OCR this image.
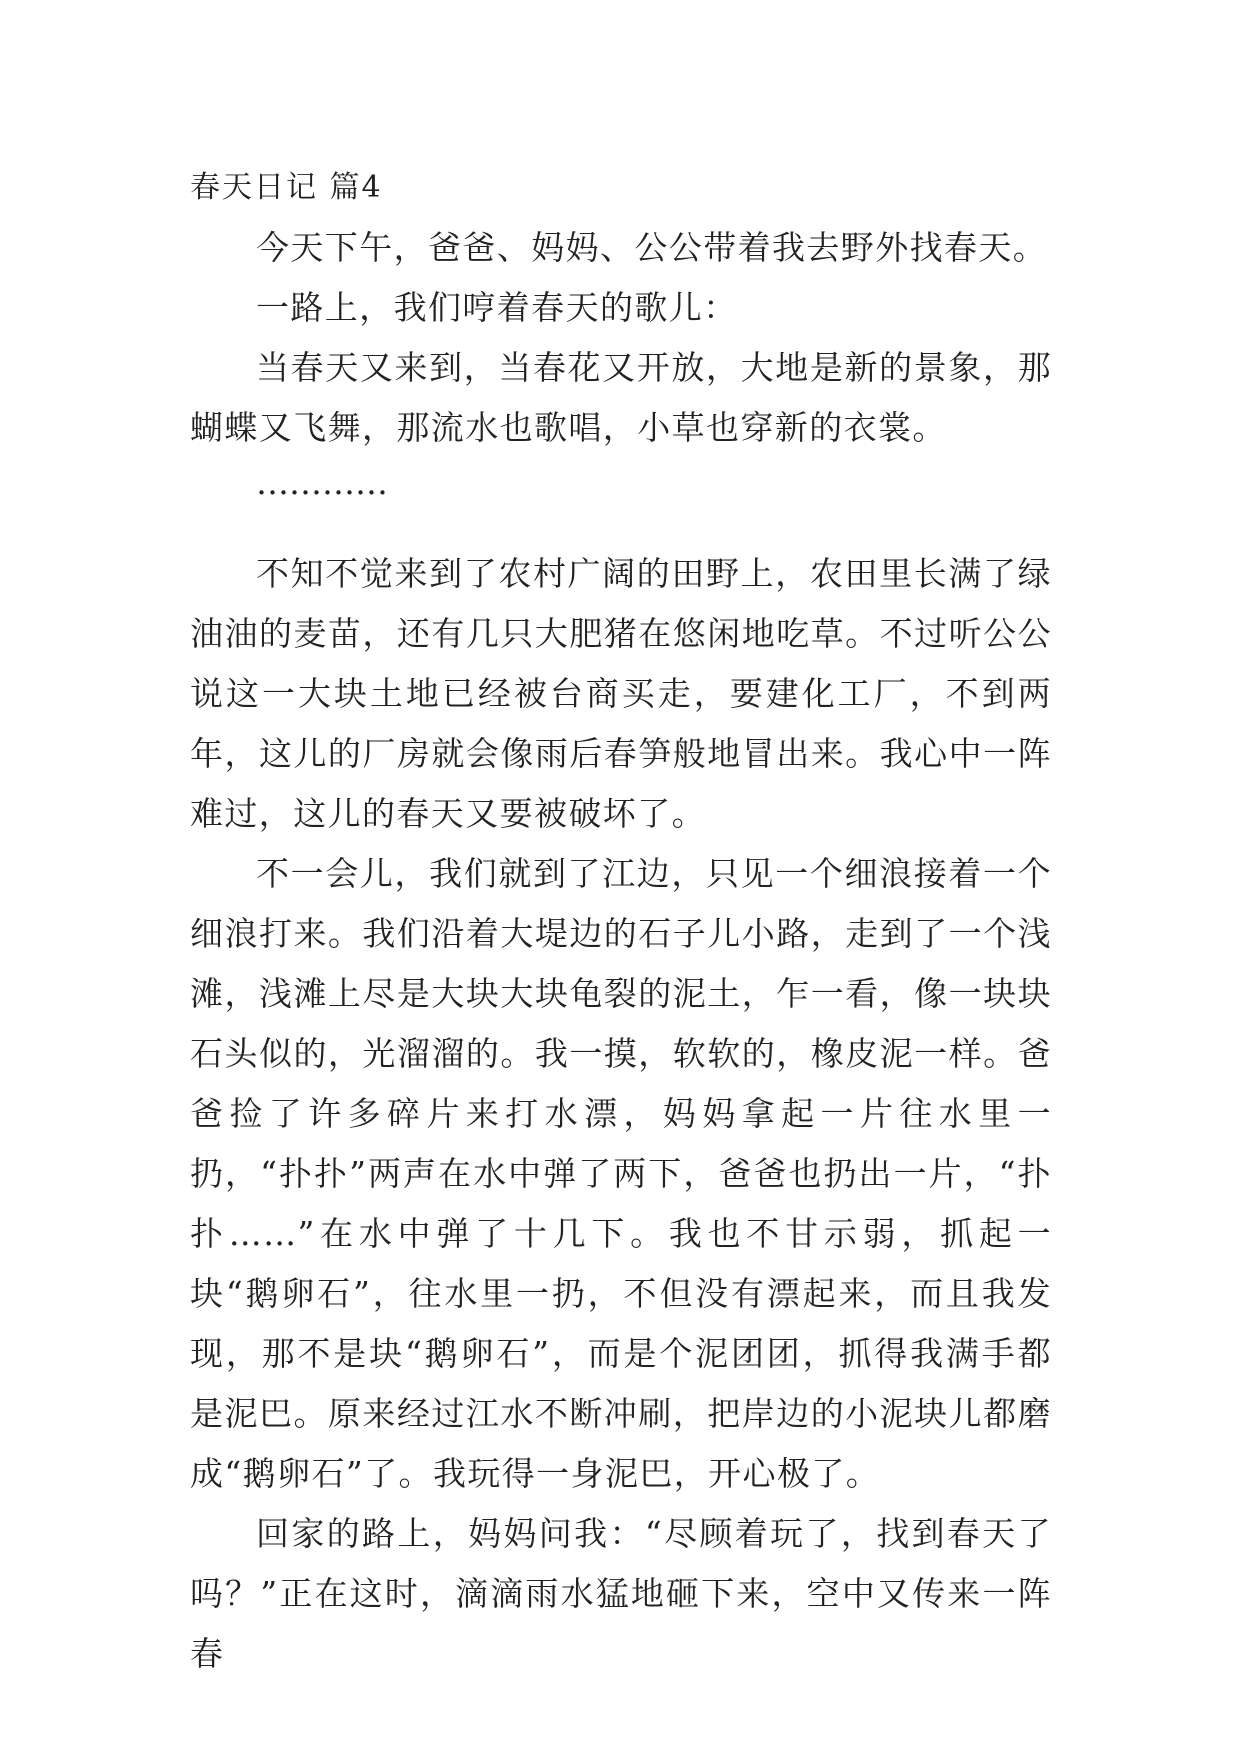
春天日记 篇4

今天下午，爸爸、妈妈、公公带着我去野外找春天。

一路上，我们哼着春天的歌儿：

当春天又来到，当春花又开放，大地是新的景象，那蝴蝶又飞舞，那流水也歌唱，小草也穿新的衣裳。

…………

不知不觉来到了农村广阔的田野上，农田里长满了绿油油的麦苗，还有几只大肥猪在悠闲地吃草。不过听公公说这一大块土地已经被台商买走，要建化工厂，不到两年，这儿的厂房就会像雨后春笋般地冒出来。我心中一阵难过，这儿的春天又要被破坏了。

不一会儿，我们就到了江边，只见一个细浪接着一个细浪打来。我们沿着大堤边的石子儿小路，走到了一个浅滩，浅滩上尽是大块大块龟裂的泥土，乍一看，像一块块石头似的，光溜溜的。我一摸，软软的，橡皮泥一样。爸爸捡了许多碎片来打水漂，妈妈拿起一片往水里一扔，“扑扑”两声在水中弹了两下，爸爸也扔出一片，“扑扑……”在水中弹了十几下。我也不甘示弱，抓起一块“鹅卵石”，往水里一扔，不但没有漂起来，而且我发现，那不是块“鹅卵石”，而是个泥团团，抓得我满手都是泥巴。原来经过江水不断冲刷，把岸边的小泥块儿都磨成“鹅卵石”了。我玩得一身泥巴，开心极了。

回家的路上，妈妈问我：“尽顾着玩了，找到春天了吗？”正在这时，滴滴雨水猛地砸下来，空中又传来一阵春
